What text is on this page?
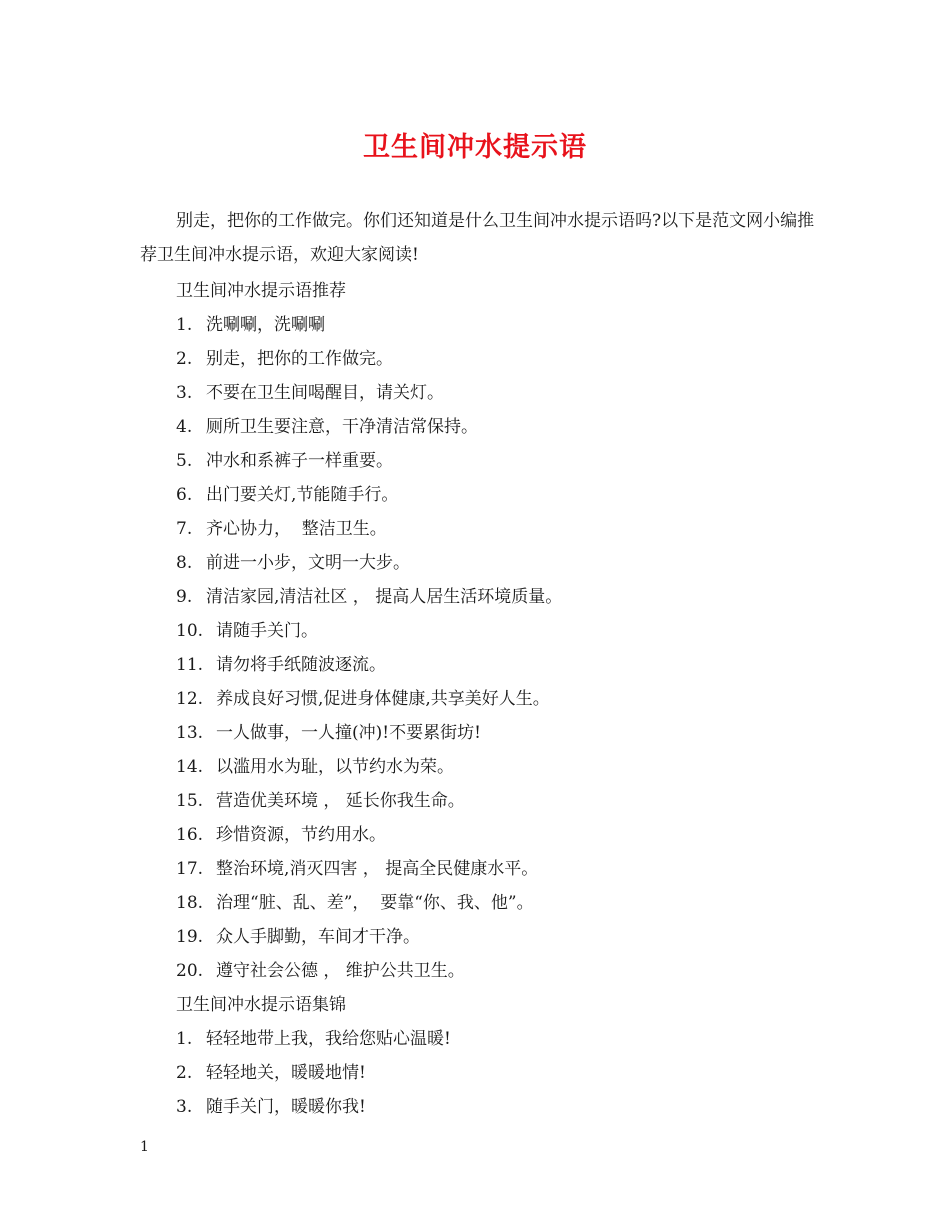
卫生间冲水提示语

别走，把你的工作做完。你们还知道是什么卫生间冲水提示语吗?以下是范文网小编推荐卫生间冲水提示语，欢迎大家阅读!

卫生间冲水提示语推荐
1. 洗唰唰，洗唰唰
2. 别走，把你的工作做完。
3. 不要在卫生间喝醒目，请关灯。
4. 厕所卫生要注意，干净清洁常保持。
5. 冲水和系裤子一样重要。
6. 出门要关灯,节能随手行。
7. 齐心协力，  整洁卫生。
8. 前进一小步，文明一大步。
9. 清洁家园,清洁社区 ， 提高人居生活环境质量。
10. 请随手关门。
11. 请勿将手纸随波逐流。
12. 养成良好习惯,促进身体健康,共享美好人生。
13. 一人做事，一人撞(冲)!不要累街坊!
14. 以滥用水为耻，以节约水为荣。
15. 营造优美环境 ， 延长你我生命。
16. 珍惜资源，节约用水。
17. 整治环境,消灭四害 ， 提高全民健康水平。
18. 治理“脏、乱、差”，  要靠“你、我、他”。
19. 众人手脚勤，车间才干净。
20. 遵守社会公德 ， 维护公共卫生。
卫生间冲水提示语集锦
1. 轻轻地带上我，我给您贴心温暖!
2. 轻轻地关，暖暖地情!
3. 随手关门，暖暖你我!
1
